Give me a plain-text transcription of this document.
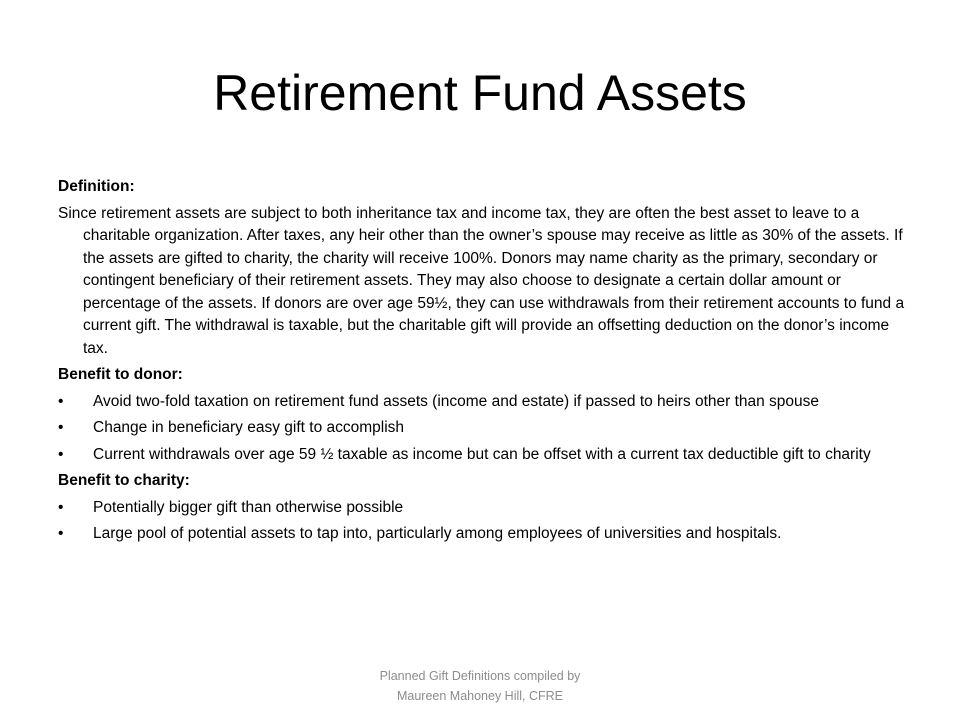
Retirement Fund Assets
Definition:
Since retirement assets are subject to both inheritance tax and income tax, they are often the best asset to leave to a charitable organization. After taxes, any heir other than the owner’s spouse may receive as little as 30% of the assets. If the assets are gifted to charity, the charity will receive 100%. Donors may name charity as the primary, secondary or contingent beneficiary of their retirement assets. They may also choose to designate a certain dollar amount or percentage of the assets. If donors are over age 59½, they can use withdrawals from their retirement accounts to fund a current gift. The withdrawal is taxable, but the charitable gift will provide an offsetting deduction on the donor’s income tax.
Benefit to donor:
• Avoid two-fold taxation on retirement fund assets (income and estate) if passed to heirs other than spouse
• Change in beneficiary easy gift to accomplish
• Current withdrawals over age 59 ½ taxable as income but can be offset with a current tax deductible gift to charity
Benefit to charity:
• Potentially bigger gift than otherwise possible
• Large pool of potential assets to tap into, particularly among employees of universities and hospitals.
Planned Gift Definitions compiled by
Maureen Mahoney Hill, CFRE
